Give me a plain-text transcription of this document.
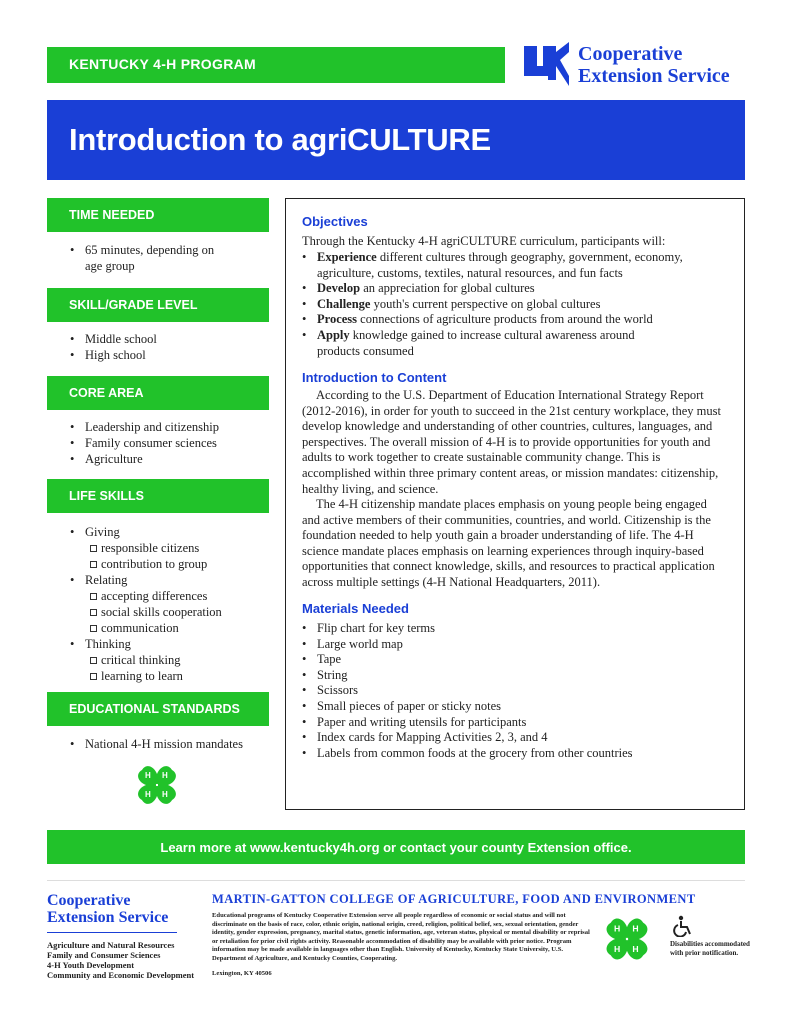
KENTUCKY 4-H PROGRAM	Cooperative
Extension Service
Introduction to agriCULTURE
TIME NEEDED
• 65 minutes, depending on
age group
SKILL/GRADE LEVEL
• Middle school
• High school
CORE AREA
• Leadership and citizenship
• Family consumer sciences
• Agriculture
LIFE SKILLS
• Giving
responsible citizens
contribution to group
• Relating
accepting differences
social skills cooperation
communication
• Thinking
critical thinking
learning to learn
EDUCATIONAL STANDARDS
• National 4-H mission mandates
H H
H H
Objectives
Through the Kentucky 4-H agriCULTURE curriculum, participants will:
• Experience different cultures through geography, government, economy,
agriculture, customs, textiles, natural resources, and fun facts
• Develop an appreciation for global cultures
• Challenge youth's current perspective on global cultures
• Process connections of agriculture products from around the world
• Apply knowledge gained to increase cultural awareness around
products consumed
Introduction to Content
According to the U.S. Department of Education International Strategy Report (2012-2016), in order for youth to succeed in the 21st century workplace, they must develop knowledge and understanding of other countries, cultures, languages, and perspectives. The overall mission of 4-H is to provide opportunities for youth and adults to work together to create sustainable community change. This is accomplished within three primary content areas, or mission mandates: citizenship, healthy living, and science.
The 4-H citizenship mandate places emphasis on young people being engaged and active members of their communities, countries, and world. Citizenship is the foundation needed to help youth gain a broader understanding of life. The 4-H science mandate places emphasis on learning experiences through inquiry-based opportunities that connect knowledge, skills, and resources to practical application across multiple settings (4-H National Headquarters, 2011).
Materials Needed
• Flip chart for key terms
• Large world map
• Tape
• String
• Scissors
• Small pieces of paper or sticky notes
• Paper and writing utensils for participants
• Index cards for Mapping Activities 2, 3, and 4
• Labels from common foods at the grocery from other countries
Learn more at www.kentucky4h.org or contact your county Extension office.
Cooperative
Extension Service
Agriculture and Natural Resources
Family and Consumer Sciences
4-H Youth Development
Community and Economic Development
MARTIN-GATTON COLLEGE OF AGRICULTURE, FOOD AND ENVIRONMENT
Educational programs of Kentucky Cooperative Extension serve all people regardless of economic or social status and will not discriminate on the basis of race, color, ethnic origin, national origin, creed, religion, political belief, sex, sexual orientation, gender identity, gender expression, pregnancy, marital status, genetic information, age, veteran status, physical or mental disability or reprisal or retaliation for prior civil rights activity. Reasonable accommodation of disability may be available with prior notice. Program information may be made available in languages other than English. University of Kentucky, Kentucky State University, U.S. Department of Agriculture, and Kentucky Counties, Cooperating.
Lexington, KY 40506
H H
H H	Disabilities accommodated with prior notification.
